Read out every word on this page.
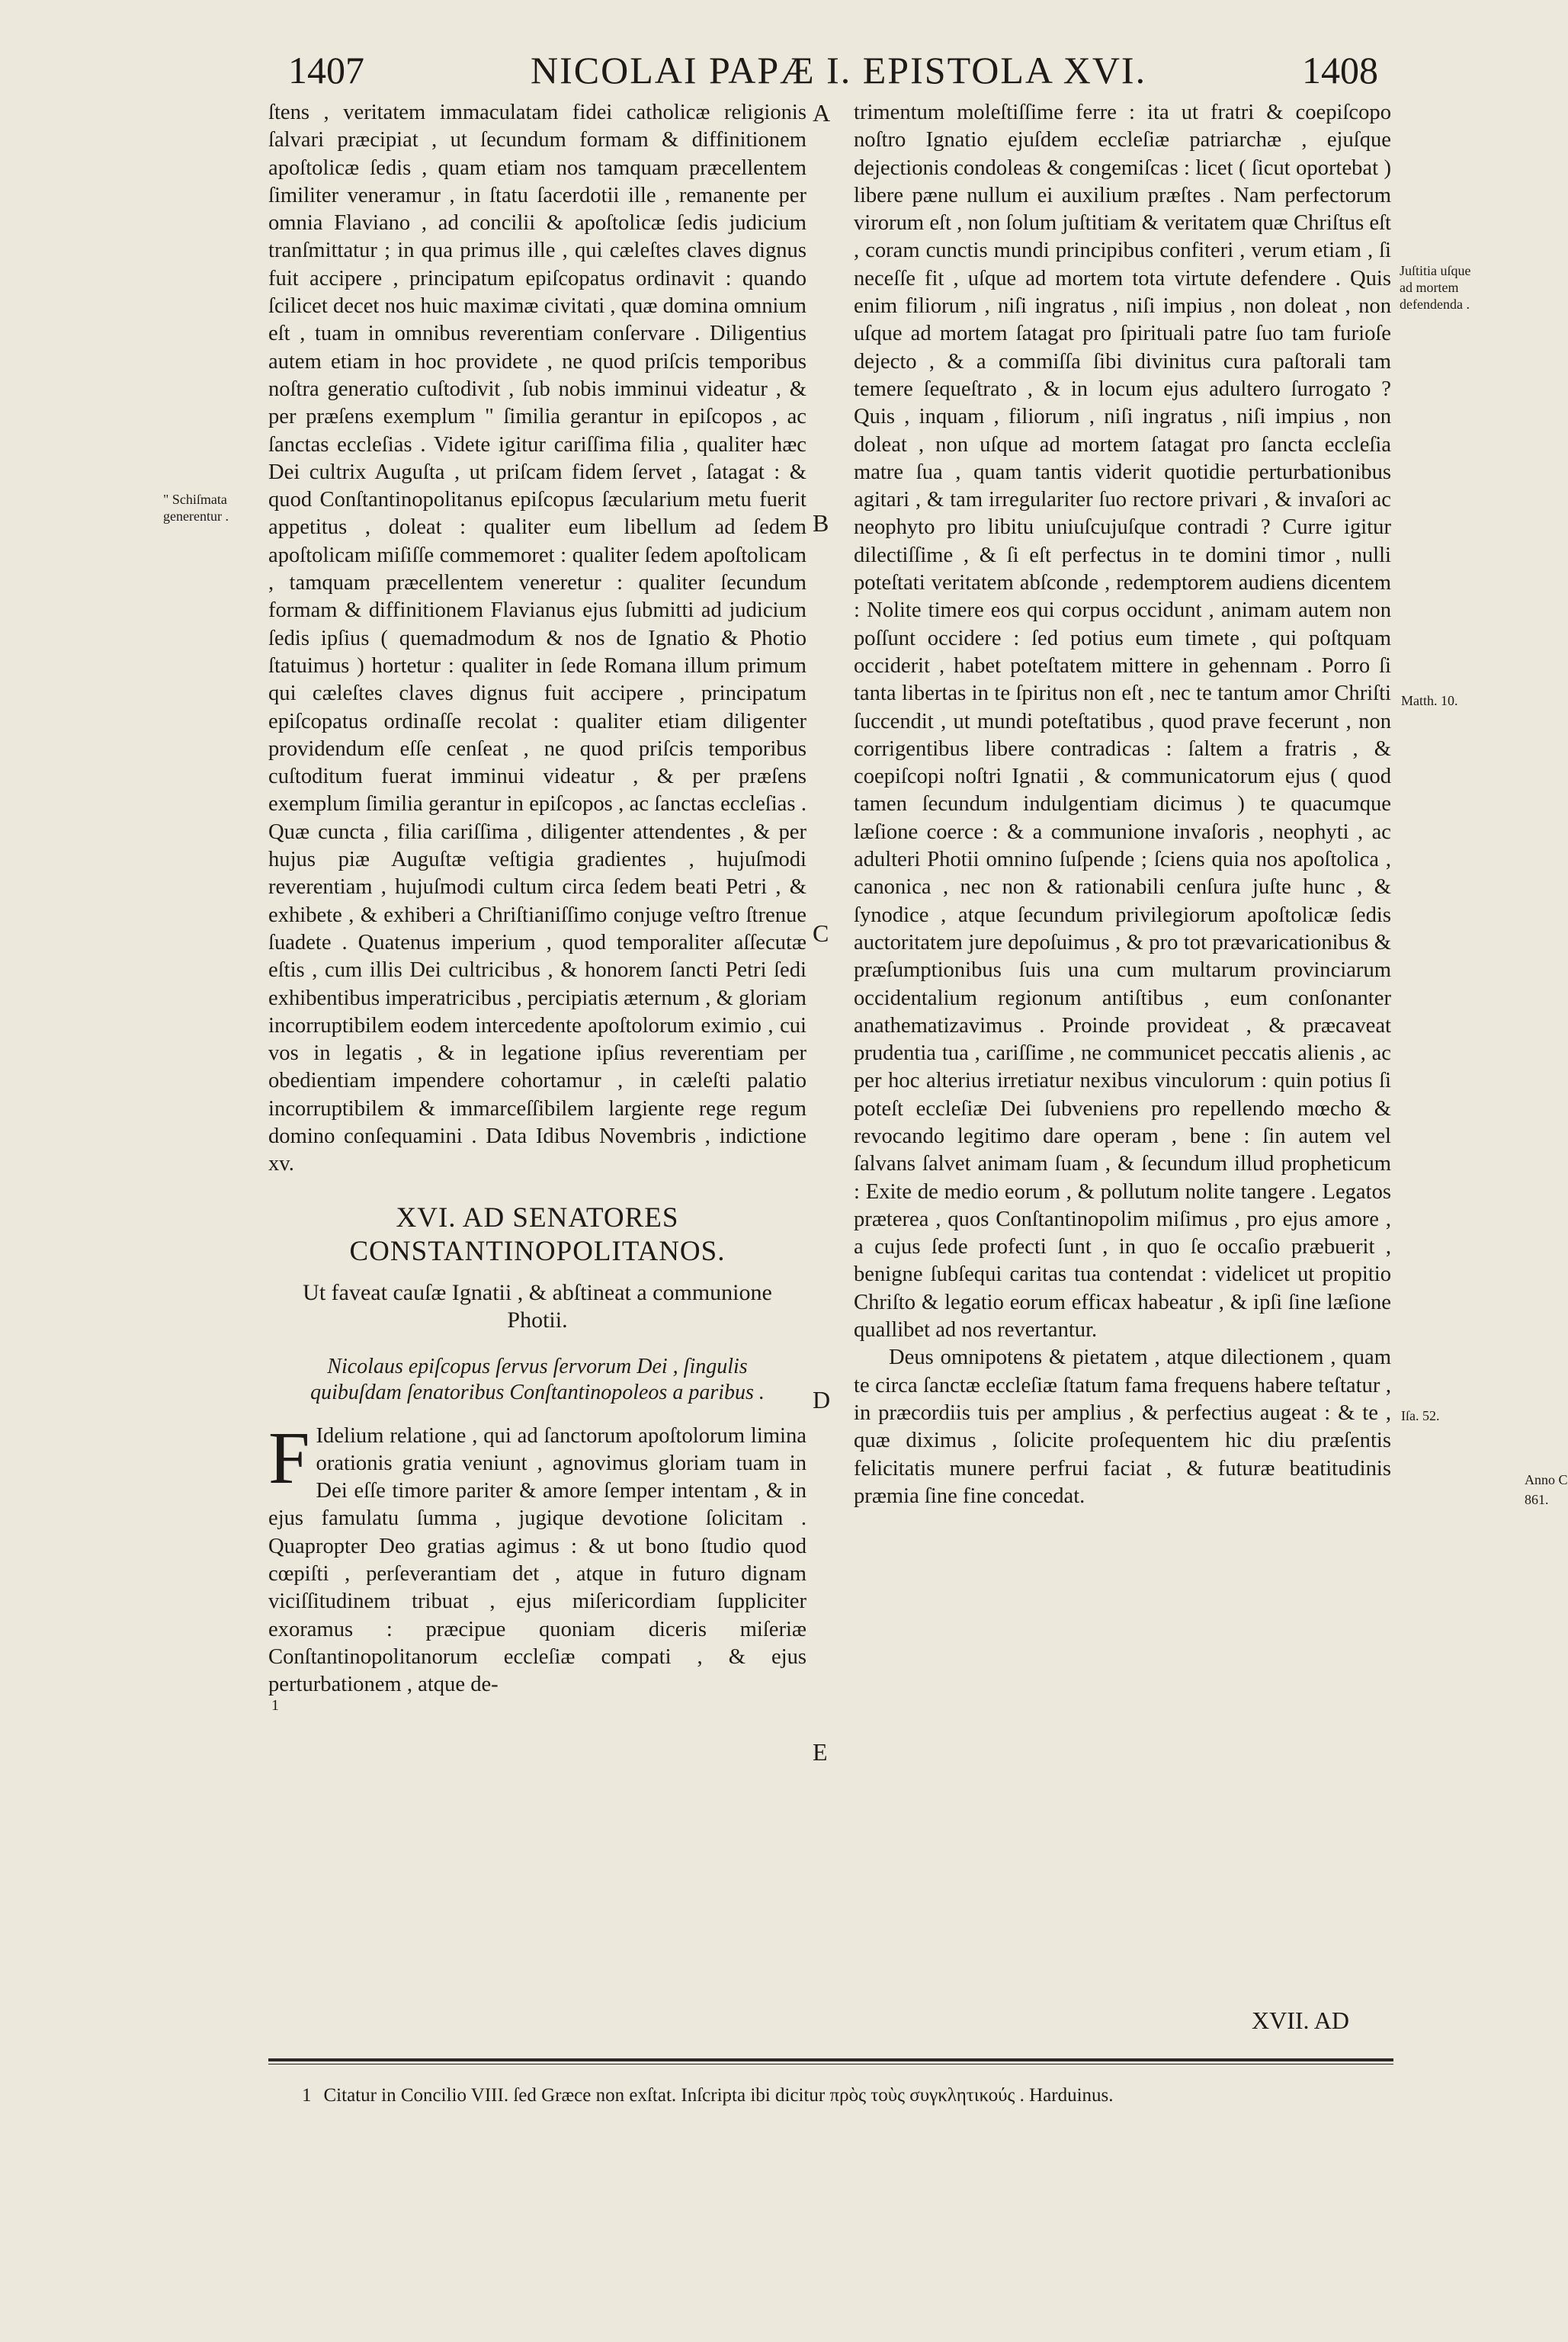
1407	NICOLAI PAPÆ I. EPISTOLA XVI.	1408

ſtens , veritatem immaculatam fidei catholicæ religionis ſalvari præcipiat , ut ſecundum formam & diffinitionem apoſtolicæ ſedis , quam etiam nos tamquam præcellentem ſimiliter veneramur , in ſtatu ſacerdotii ille , remanente per omnia Flaviano , ad concilii & apoſtolicæ ſedis judicium tranſmittatur ; in qua primus ille , qui cæleſtes claves dignus fuit accipere , principatum epiſcopatus ordinavit : quando ſcilicet decet nos huic maximæ civitati , quæ domina omnium eſt , tuam in omnibus reverentiam conſervare . Diligentius autem etiam in hoc providete , ne quod priſcis temporibus noſtra generatio cuſtodivit , ſub nobis imminui videatur , & per præſens exemplum " ſimilia gerantur in epiſcopos , ac ſanctas eccleſias . Videte igitur cariſſima filia , qualiter hæc Dei cultrix Auguſta , ut priſcam fidem ſervet , ſatagat : & quod Conſtantinopolitanus epiſcopus ſæcularium metu fuerit appetitus , doleat : qualiter eum libellum ad ſedem apoſtolicam miſiſſe commemoret : qualiter ſedem apoſtolicam , tamquam præcellentem veneretur : qualiter ſecundum formam & diffinitionem Flavianus ejus ſubmitti ad judicium ſedis ipſius ( quemadmodum & nos de Ignatio & Photio ſtatuimus ) hortetur : qualiter in ſede Romana illum primum qui cæleſtes claves dignus fuit accipere , principatum epiſcopatus ordinaſſe recolat : qualiter etiam diligenter providendum eſſe cenſeat , ne quod priſcis temporibus cuſtoditum fuerat imminui videatur , & per præſens exemplum ſimilia gerantur in epiſcopos , ac ſanctas eccleſias . Quæ cuncta , filia cariſſima , diligenter attendentes , & per hujus piæ Auguſtæ veſtigia gradientes , hujuſmodi reverentiam , hujuſmodi cultum circa ſedem beati Petri , & exhibete , & exhiberi a Chriſtianiſſimo conjuge veſtro ſtrenue ſuadete . Quatenus imperium , quod temporaliter aſſecutæ eſtis , cum illis Dei cultricibus , & honorem ſancti Petri ſedi exhibentibus imperatricibus , percipiatis æternum , & gloriam incorruptibilem eodem intercedente apoſtolorum eximio , cui vos in legatis , & in legatione ipſius reverentiam per obedientiam impendere cohortamur , in cæleſti palatio incorruptibilem & immarceſſibilem largiente rege regum domino conſequamini . Data Idibus Novembris , indictione xv.

XVI. AD SENATORES CONSTANTINOPOLITANOS.
Ut faveat cauſæ Ignatii , & abſtineat a communione Photii.
Nicolaus epiſcopus ſervus ſervorum Dei , ſingulis quibuſdam ſenatoribus Conſtantinopoleos a paribus .

F Idelium relatione , qui ad ſanctorum apoſtolorum limina orationis gratia veniunt , agnovimus gloriam tuam in Dei eſſe timore pariter & amore ſemper intentam , & in ejus famulatu ſumma , jugique devotione ſolicitam . Quapropter Deo gratias agimus : & ut bono ſtudio quod cœpiſti , perſeverantiam det , atque in futuro dignam viciſſitudinem tribuat , ejus miſericordiam ſuppliciter exoramus : præcipue quoniam diceris miſeriæ Conſtantinopolitanorum eccleſiæ compati , & ejus perturbationem , atque de-

trimentum moleſtiſſime ferre : ita ut fratri & coepiſcopo noſtro Ignatio ejuſdem eccleſiæ patriarchæ , ejuſque dejectionis condoleas & congemiſcas : licet ( ſicut oportebat ) libere pæne nullum ei auxilium præſtes . Nam perfectorum virorum eſt , non ſolum juſtitiam & veritatem quæ Chriſtus eſt , coram cunctis mundi principibus confiteri , verum etiam , ſi neceſſe fit , uſque ad mortem tota virtute defendere . Quis enim filiorum , niſi ingratus , niſi impius , non doleat , non uſque ad mortem ſatagat pro ſpirituali patre ſuo tam furioſe dejecto , & a commiſſa ſibi divinitus cura paſtorali tam temere ſequeſtrato , & in locum ejus adultero ſurrogato ? Quis , inquam , filiorum , niſi ingratus , niſi impius , non doleat , non uſque ad mortem ſatagat pro ſancta eccleſia matre ſua , quam tantis viderit quotidie perturbationibus agitari , & tam irregulariter ſuo rectore privari , & invaſori ac neophyto pro libitu uniuſcujuſque contradi ? Curre igitur dilectiſſime , & ſi eſt perfectus in te domini timor , nulli poteſtati veritatem abſconde , redemptorem audiens dicentem : Nolite timere eos qui corpus occidunt , animam autem non poſſunt occidere : ſed potius eum timete , qui poſtquam occiderit , habet poteſtatem mittere in gehennam . Porro ſi tanta libertas in te ſpiritus non eſt , nec te tantum amor Chriſti ſuccendit , ut mundi poteſtatibus , quod prave fecerunt , non corrigentibus libere contradicas : ſaltem a fratris , & coepiſcopi noſtri Ignatii , & communicatorum ejus ( quod tamen ſecundum indulgentiam dicimus ) te quacumque læſione coerce : & a communione invaſoris , neophyti , ac adulteri Photii omnino ſuſpende ; ſciens quia nos apoſtolica , canonica , nec non & rationabili cenſura juſte hunc , & ſynodice , atque ſecundum privilegiorum apoſtolicæ ſedis auctoritatem jure depoſuimus , & pro tot prævaricationibus & præſumptionibus ſuis una cum multarum provinciarum occidentalium regionum antiſtibus , eum conſonanter anathematizavimus . Proinde provideat , & præcaveat prudentia tua , cariſſime , ne communicet peccatis alienis , ac per hoc alterius irretiatur nexibus vinculorum : quin potius ſi poteſt eccleſiæ Dei ſubveniens pro repellendo mœcho & revocando legitimo dare operam , bene : ſin autem vel ſalvans ſalvet animam ſuam , & ſecundum illud propheticum : Exite de medio eorum , & pollutum nolite tangere . Legatos præterea , quos Conſtantinopolim miſimus , pro ejus amore , a cujus ſede profecti ſunt , in quo ſe occaſio præbuerit , benigne ſubſequi caritas tua contendat : videlicet ut propitio Chriſto & legatio eorum efficax habeatur , & ipſi ſine læſione quallibet ad nos revertantur.

Deus omnipotens & pietatem , atque dilectionem , quam te circa ſanctæ eccleſiæ ſtatum fama frequens habere teſtatur , in præcordiis tuis per amplius , & perfectius augeat : & te , quæ diximus , ſolicite proſequentem hic diu præſentis felicitatis munere perfrui faciat , & futuræ beatitudinis præmia ſine fine concedat.

A
B
C
D
E
" Schiſmata generentur .
Juſtitia uſque ad mortem defendenda .
Matth. 10.
Iſa. 52.
Anno C
861.
1
XVII. AD
1 Citatur in Concilio VIII. ſed Græce non exſtat. Inſcripta ibi dicitur πρὸς τοὺς συγκλητικούς . Harduinus.
